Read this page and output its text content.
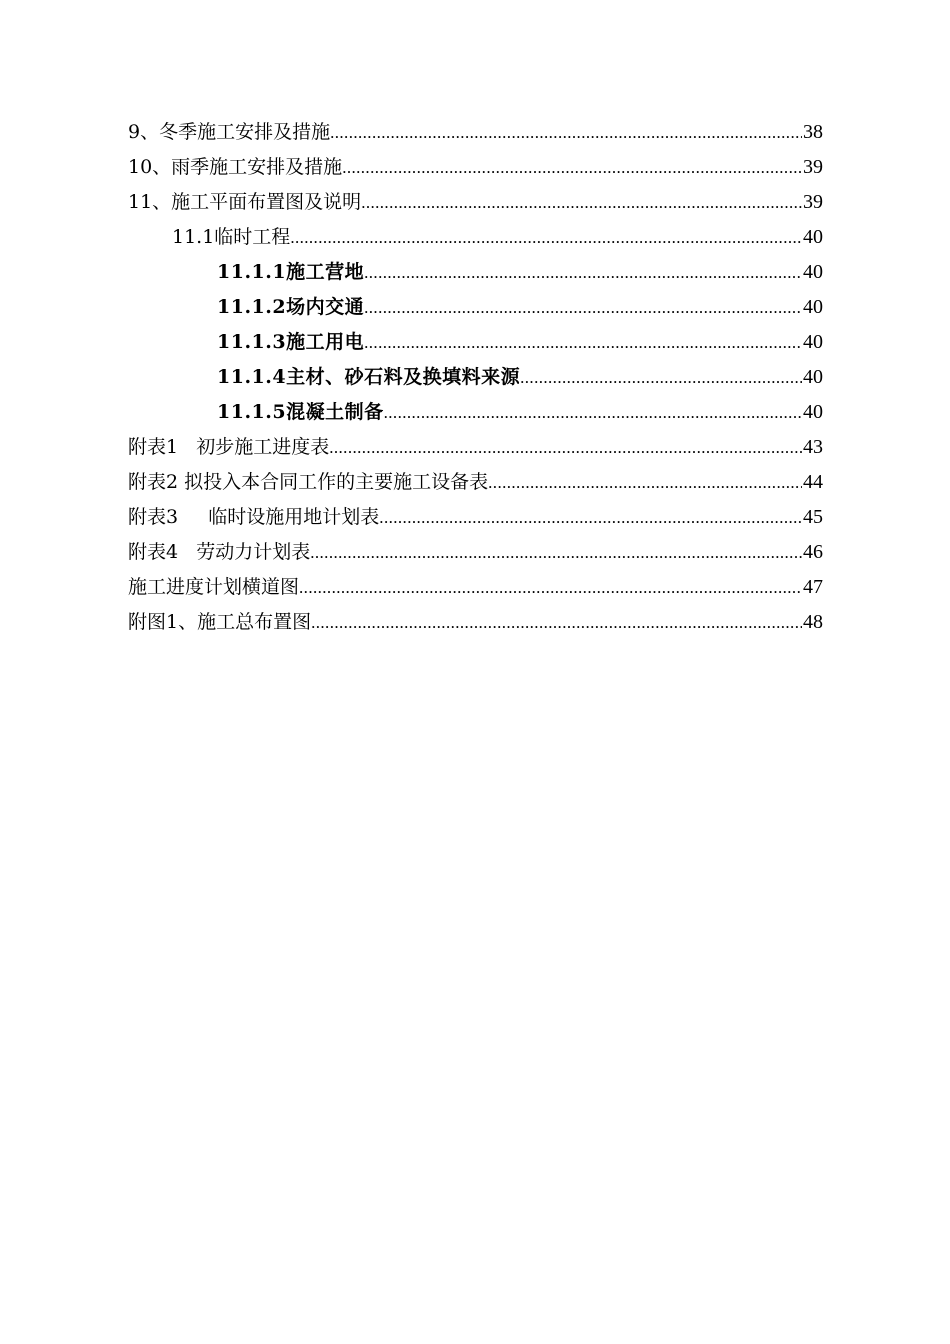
9、冬季施工安排及措施 .....	38
10、雨季施工安排及措施 .....	39
11、施工平面布置图及说明 .....	39
11.1临时工程 .....	40
11.1.1施工营地 .....	40
11.1.2场内交通 .....	40
11.1.3施工用电 .....	40
11.1.4主材、砂石料及换填料来源 .....	40
11.1.5混凝土制备 .....	40
附表1   初步施工进度表 .....	43
附表2 拟投入本合同工作的主要施工设备表 .....	44
附表3     临时设施用地计划表 .....	45
附表4   劳动力计划表 .....	46
施工进度计划横道图 .....	47
附图1、施工总布置图 .....	48
